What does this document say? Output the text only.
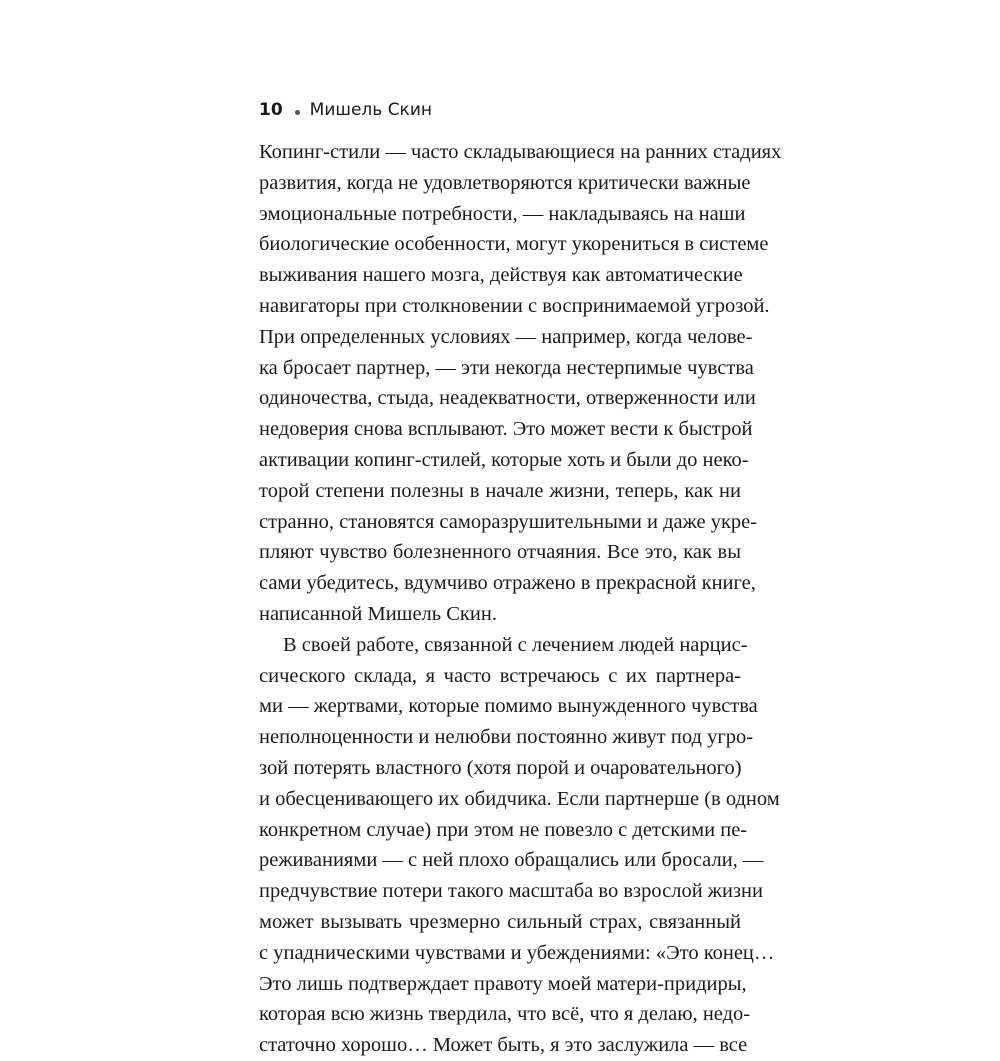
10 Мишель Скин
Копинг-стили — часто складывающиеся на ранних стадиях
развития, когда не удовлетворяются критически важные
эмоциональные потребности, — накладываясь на наши
биологические особенности, могут укорениться в системе
выживания нашего мозга, действуя как автоматические
навигаторы при столкновении с воспринимаемой угрозой.
При определенных условиях — например, когда челове-
ка бросает партнер, — эти некогда нестерпимые чувства
одиночества, стыда, неадекватности, отверженности или
недоверия снова всплывают. Это может вести к быстрой
активации копинг-стилей, которые хоть и были до неко-
торой степени полезны в начале жизни, теперь, как ни
странно, становятся саморазрушительными и даже укре-
пляют чувство болезненного отчаяния. Все это, как вы
сами убедитесь, вдумчиво отражено в прекрасной книге,
написанной Мишель Скин.
В своей работе, связанной с лечением людей нарцис-
сического склада, я часто встречаюсь с их партнера-
ми — жертвами, которые помимо вынужденного чувства
неполноценности и нелюбви постоянно живут под угро-
зой потерять властного (хотя порой и очаровательного)
и обесценивающего их обидчика. Если партнерше (в одном
конкретном случае) при этом не повезло с детскими пе-
реживаниями — с ней плохо обращались или бросали, —
предчувствие потери такого масштаба во взрослой жизни
может вызывать чрезмерно сильный страх, связанный
с упадническими чувствами и убеждениями: «Это конец…
Это лишь подтверждает правоту моей матери-придиры,
которая всю жизнь твердила, что всё, что я делаю, недо-
статочно хорошо… Может быть, я это заслужила — все
